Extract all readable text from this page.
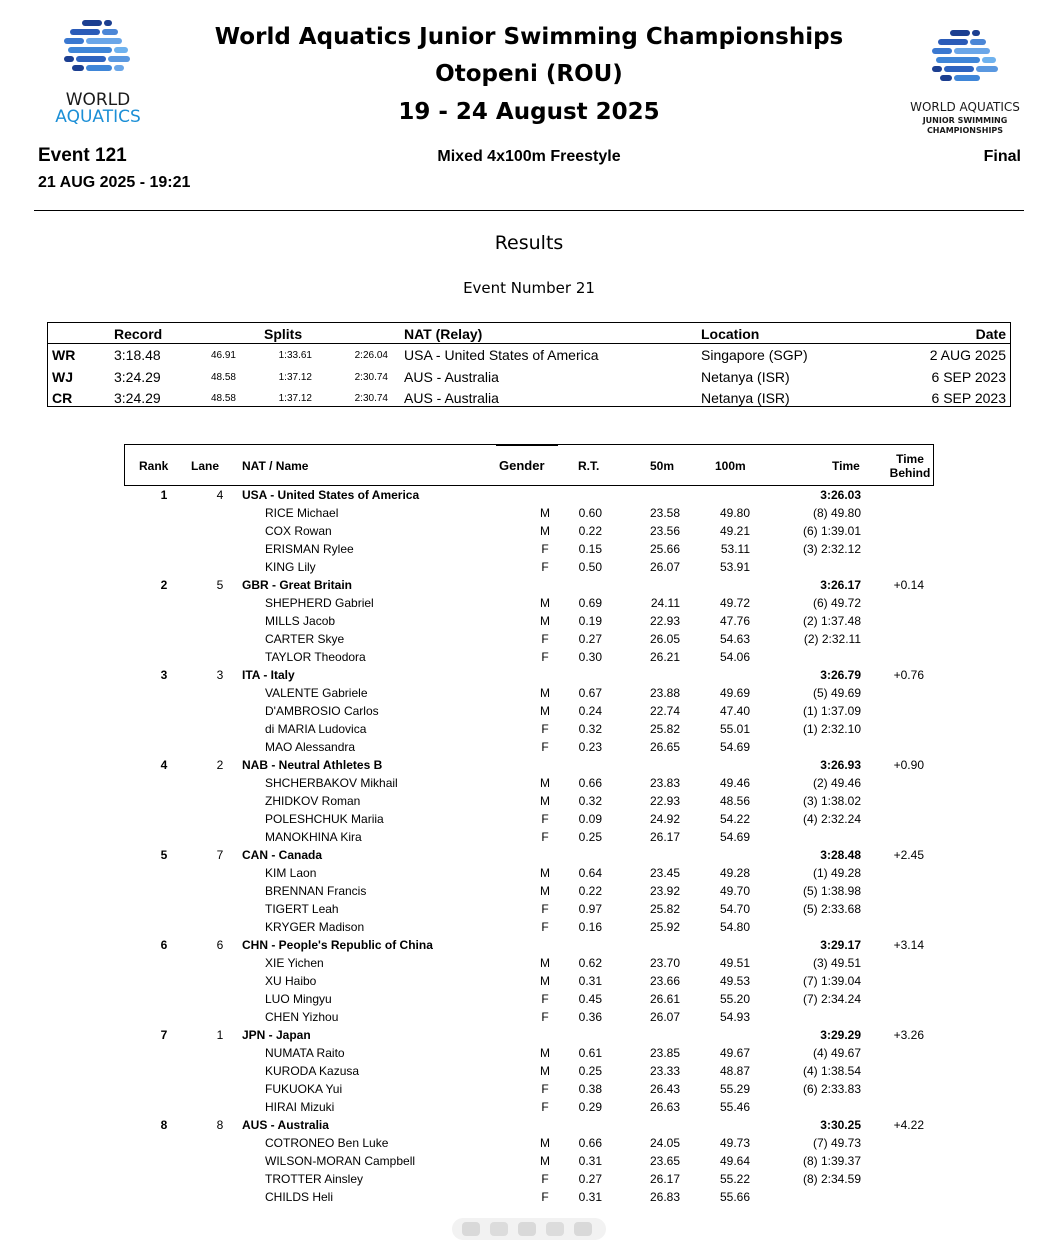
WORLD
AQUATICS	WORLD AQUATICS
JUNIOR SWIMMING
CHAMPIONSHIPS
World Aquatics Junior Swimming Championships
Otopeni (ROU)
19 - 24 August 2025
Event 121
21 AUG 2025 - 19:21
Mixed 4x100m Freestyle	Final
Results
Event Number 21
Record	Splits	NAT (Relay)	Location	Date
WR	3:18.48	46.91	1:33.61	2:26.04 USA - United States of America	Singapore (SGP)	2 AUG 2025
WJ	3:24.29	48.58	1:37.12	2:30.74 AUS - Australia	Netanya (ISR)	6 SEP 2023
CR	3:24.29	48.58	1:37.12	2:30.74 AUS - Australia	Netanya (ISR)	6 SEP 2023
Rank Lane NAT / Name	Gender	R.T.	50m	100m	Time	Time
Behind
1	4	USA - United States of America	3:26.03
RICE Michael	M	0.60	23.58	49.80	(8) 49.80
COX Rowan	M	0.22	23.56	49.21	(6) 1:39.01
ERISMAN Rylee	F	0.15	25.66	53.11	(3) 2:32.12
KING Lily	F	0.50	26.07	53.91
2	5	GBR - Great Britain	3:26.17	+0.14
SHEPHERD Gabriel	M	0.69	24.11	49.72	(6) 49.72
MILLS Jacob	M	0.19	22.93	47.76	(2) 1:37.48
CARTER Skye	F	0.27	26.05	54.63	(2) 2:32.11
TAYLOR Theodora	F	0.30	26.21	54.06
3	3	ITA - Italy	3:26.79	+0.76
VALENTE Gabriele	M	0.67	23.88	49.69	(5) 49.69
D'AMBROSIO Carlos	M	0.24	22.74	47.40	(1) 1:37.09
di MARIA Ludovica	F	0.32	25.82	55.01	(1) 2:32.10
MAO Alessandra	F	0.23	26.65	54.69
4	2	NAB - Neutral Athletes B	3:26.93	+0.90
SHCHERBAKOV Mikhail	M	0.66	23.83	49.46	(2) 49.46
ZHIDKOV Roman	M	0.32	22.93	48.56	(3) 1:38.02
POLESHCHUK Mariia	F	0.09	24.92	54.22	(4) 2:32.24
MANOKHINA Kira	F	0.25	26.17	54.69
5	7	CAN - Canada	3:28.48	+2.45
KIM Laon	M	0.64	23.45	49.28	(1) 49.28
BRENNAN Francis	M	0.22	23.92	49.70	(5) 1:38.98
TIGERT Leah	F	0.97	25.82	54.70	(5) 2:33.68
KRYGER Madison	F	0.16	25.92	54.80
6	6	CHN - People's Republic of China	3:29.17	+3.14
XIE Yichen	M	0.62	23.70	49.51	(3) 49.51
XU Haibo	M	0.31	23.66	49.53	(7) 1:39.04
LUO Mingyu	F	0.45	26.61	55.20	(7) 2:34.24
CHEN Yizhou	F	0.36	26.07	54.93
7	1	JPN - Japan	3:29.29	+3.26
NUMATA Raito	M	0.61	23.85	49.67	(4) 49.67
KURODA Kazusa	M	0.25	23.33	48.87	(4) 1:38.54
FUKUOKA Yui	F	0.38	26.43	55.29	(6) 2:33.83
HIRAI Mizuki	F	0.29	26.63	55.46
8	8	AUS - Australia	3:30.25	+4.22
COTRONEO Ben Luke	M	0.66	24.05	49.73	(7) 49.73
WILSON-MORAN Campbell	M	0.31	23.65	49.64	(8) 1:39.37
TROTTER Ainsley	F	0.27	26.17	55.22	(8) 2:34.59
CHILDS Heli	F	0.31	26.83	55.66
